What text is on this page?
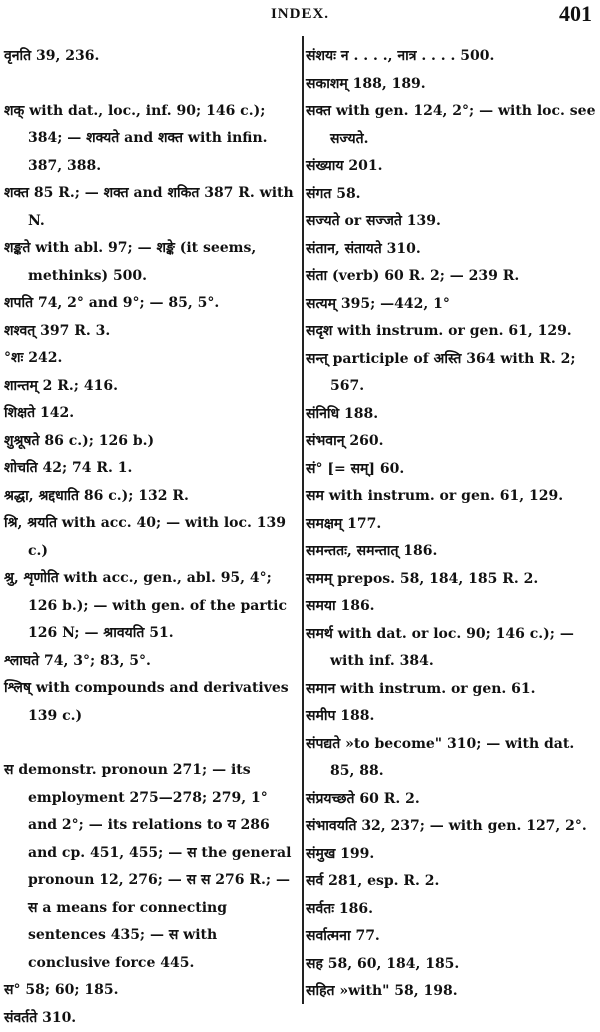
INDEX.	401

वृनति 39, 236.

शक् with dat., loc., inf. 90; 146 c.); 384; — शक्यते and शक्त with infin. 387, 388.

शक्त 85 R.; — शक्त and शकित 387 R. with N.

शङ्कते with abl. 97; — शङ्के (it seems, methinks) 500.

शपति 74, 2° and 9°; — 85, 5°.

शश्वत् 397 R. 3.

°शः 242.

शान्तम् 2 R.; 416.

शिक्षते 142.

शुश्रूषते 86 c.); 126 b.)

शोचति 42; 74 R. 1.

श्रद्धा, श्रद्दधाति 86 c.); 132 R.

श्रि, श्रयति with acc. 40; — with loc. 139 c.)

श्रु, शृणोति with acc., gen., abl. 95, 4°; 126 b.); — with gen. of the partic 126 N; — श्रावयति 51.

श्लाघते 74, 3°; 83, 5°.

श्लिष् with compounds and derivatives 139 c.)

स demonstr. pronoun 271; — its employment 275—278; 279, 1° and 2°; — its relations to य 286 and cp. 451, 455; — स the general pronoun 12, 276; — स स 276 R.; — स a means for connecting sentences 435; — स with conclusive force 445.

स° 58; 60; 185.

संवर्तते 310.

संशयः न . . . ., नात्र . . . . 500.

सकाशम् 188, 189.

सक्त with gen. 124, 2°; — with loc. see सज्यते.

संख्याय 201.

संगत 58.

सज्यते or सज्जते 139.

संतान, संतायते 310.

संता (verb) 60 R. 2; — 239 R.

सत्यम् 395; —442, 1°

सदृश with instrum. or gen. 61, 129.

सन्त् participle of अस्ति 364 with R. 2; 567.

संनिधि 188.

संभवान् 260.

सं° [= सम्] 60.

सम with instrum. or gen. 61, 129.

समक्षम् 177.

समन्ततः, समन्तात् 186.

समम् prepos. 58, 184, 185 R. 2.

समया 186.

समर्थ with dat. or loc. 90; 146 c.); — with inf. 384.

समान with instrum. or gen. 61.

समीप 188.

संपद्यते »to become" 310; — with dat. 85, 88.

संप्रयच्छते 60 R. 2.

संभावयति 32, 237; — with gen. 127, 2°.

संमुख 199.

सर्व 281, esp. R. 2.

सर्वतः 186.

सर्वात्मना 77.

सह 58, 60, 184, 185.

सहित »with" 58, 198.
